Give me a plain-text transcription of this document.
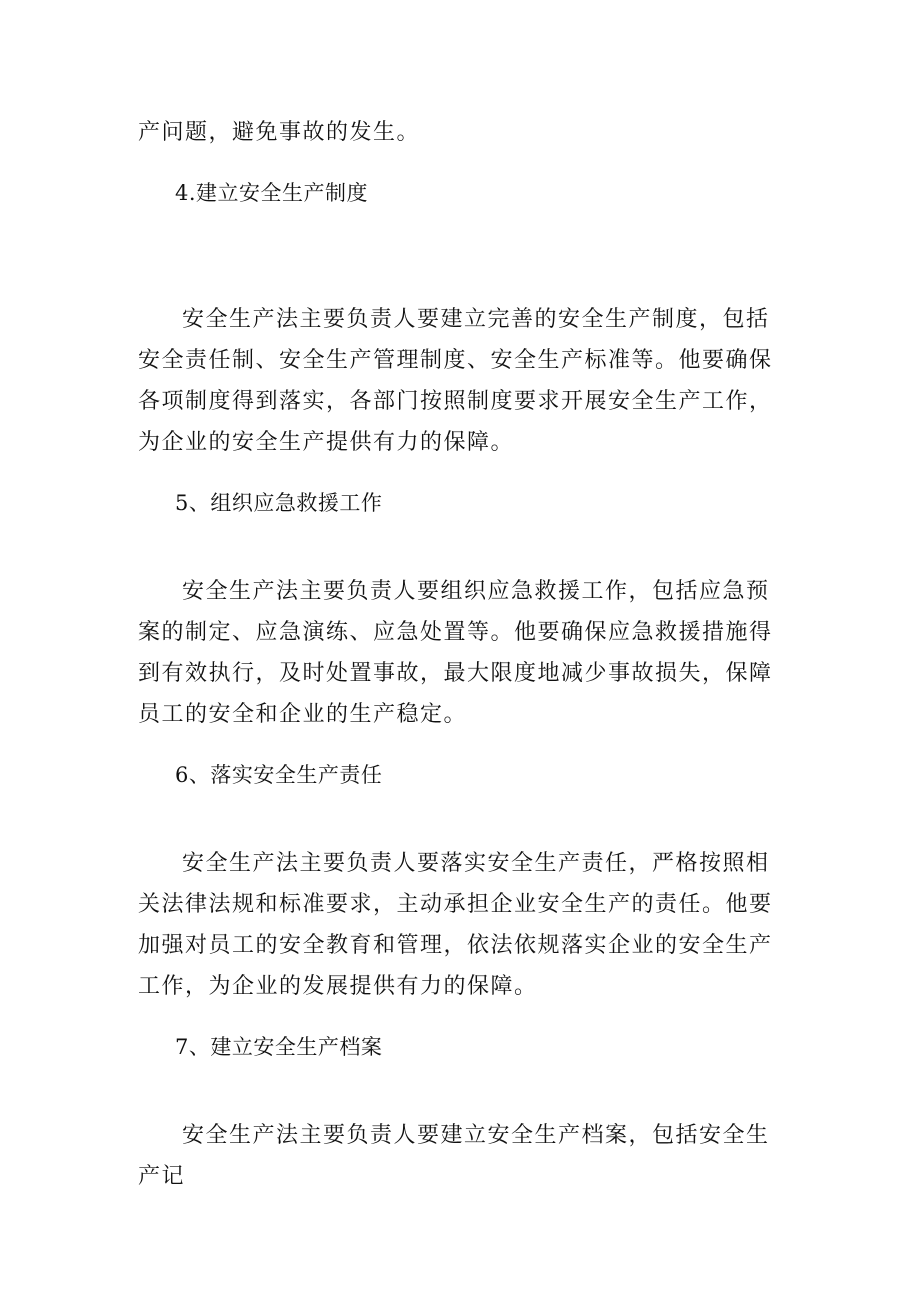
产问题，避免事故的发生。

4.建立安全生产制度

安全生产法主要负责人要建立完善的安全生产制度，包括安全责任制、安全生产管理制度、安全生产标准等。他要确保各项制度得到落实，各部门按照制度要求开展安全生产工作，为企业的安全生产提供有力的保障。

5、组织应急救援工作

安全生产法主要负责人要组织应急救援工作，包括应急预案的制定、应急演练、应急处置等。他要确保应急救援措施得到有效执行，及时处置事故，最大限度地减少事故损失，保障员工的安全和企业的生产稳定。

6、落实安全生产责任

安全生产法主要负责人要落实安全生产责任，严格按照相关法律法规和标准要求，主动承担企业安全生产的责任。他要加强对员工的安全教育和管理，依法依规落实企业的安全生产工作，为企业的发展提供有力的保障。

7、建立安全生产档案

安全生产法主要负责人要建立安全生产档案，包括安全生产记
